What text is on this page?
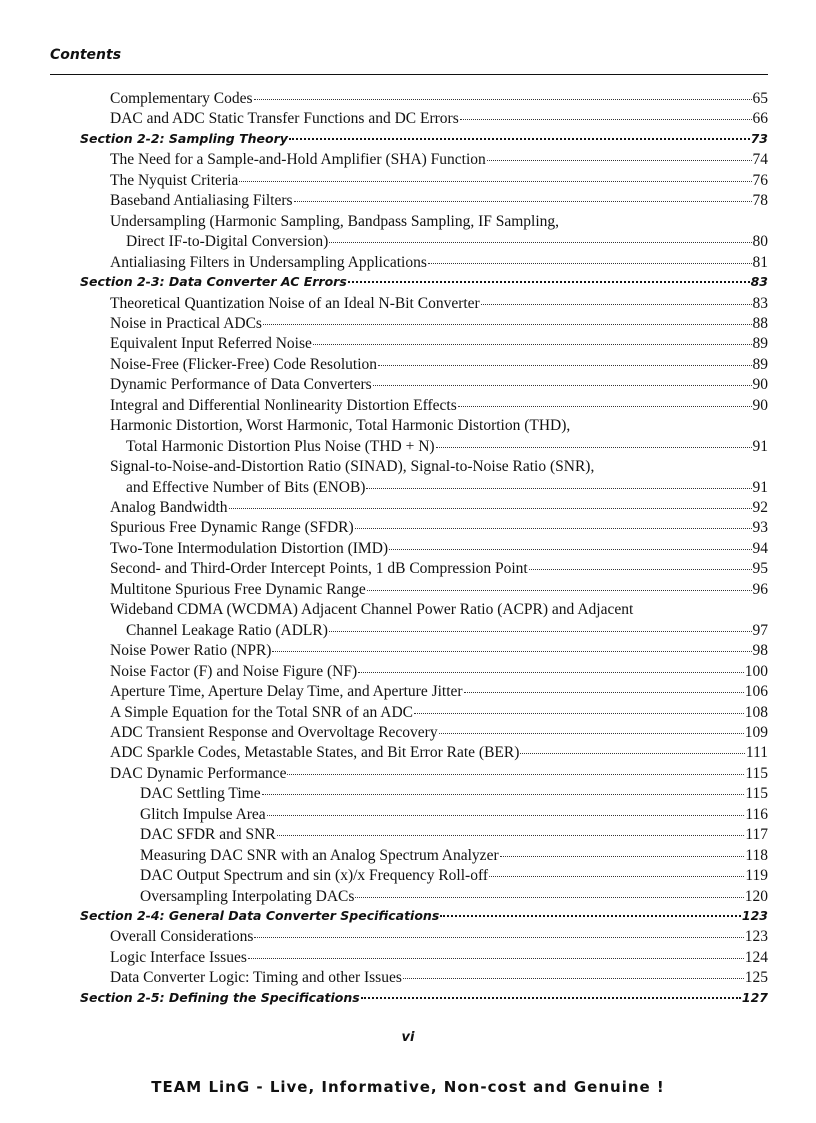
Contents
Complementary Codes	65
DAC and ADC Static Transfer Functions and DC Errors	66
Section 2-2: Sampling Theory	73
The Need for a Sample-and-Hold Amplifier (SHA) Function	74
The Nyquist Criteria	76
Baseband Antialiasing Filters	78
Undersampling (Harmonic Sampling, Bandpass Sampling, IF Sampling,
Direct IF-to-Digital Conversion)	80
Antialiasing Filters in Undersampling Applications	81
Section 2-3: Data Converter AC Errors	83
Theoretical Quantization Noise of an Ideal N-Bit Converter	83
Noise in Practical ADCs	88
Equivalent Input Referred Noise	89
Noise-Free (Flicker-Free) Code Resolution	89
Dynamic Performance of Data Converters	90
Integral and Differential Nonlinearity Distortion Effects	90
Harmonic Distortion, Worst Harmonic, Total Harmonic Distortion (THD),
Total Harmonic Distortion Plus Noise (THD + N)	91
Signal-to-Noise-and-Distortion Ratio (SINAD), Signal-to-Noise Ratio (SNR),
and Effective Number of Bits (ENOB)	91
Analog Bandwidth	92
Spurious Free Dynamic Range (SFDR)	93
Two-Tone Intermodulation Distortion (IMD)	94
Second- and Third-Order Intercept Points, 1 dB Compression Point	95
Multitone Spurious Free Dynamic Range	96
Wideband CDMA (WCDMA) Adjacent Channel Power Ratio (ACPR) and Adjacent
Channel Leakage Ratio (ADLR)	97
Noise Power Ratio (NPR)	98
Noise Factor (F) and Noise Figure (NF)	100
Aperture Time, Aperture Delay Time, and Aperture Jitter	106
A Simple Equation for the Total SNR of an ADC	108
ADC Transient Response and Overvoltage Recovery	109
ADC Sparkle Codes, Metastable States, and Bit Error Rate (BER)	111
DAC Dynamic Performance	115
DAC Settling Time	115
Glitch Impulse Area	116
DAC SFDR and SNR	117
Measuring DAC SNR with an Analog Spectrum Analyzer	118
DAC Output Spectrum and sin (x)/x Frequency Roll-off	119
Oversampling Interpolating DACs	120
Section 2-4: General Data Converter Specifications	123
Overall Considerations	123
Logic Interface Issues	124
Data Converter Logic: Timing and other Issues	125
Section 2-5: Defining the Specifications	127
vi
TEAM LinG - Live, Informative, Non-cost and Genuine !
